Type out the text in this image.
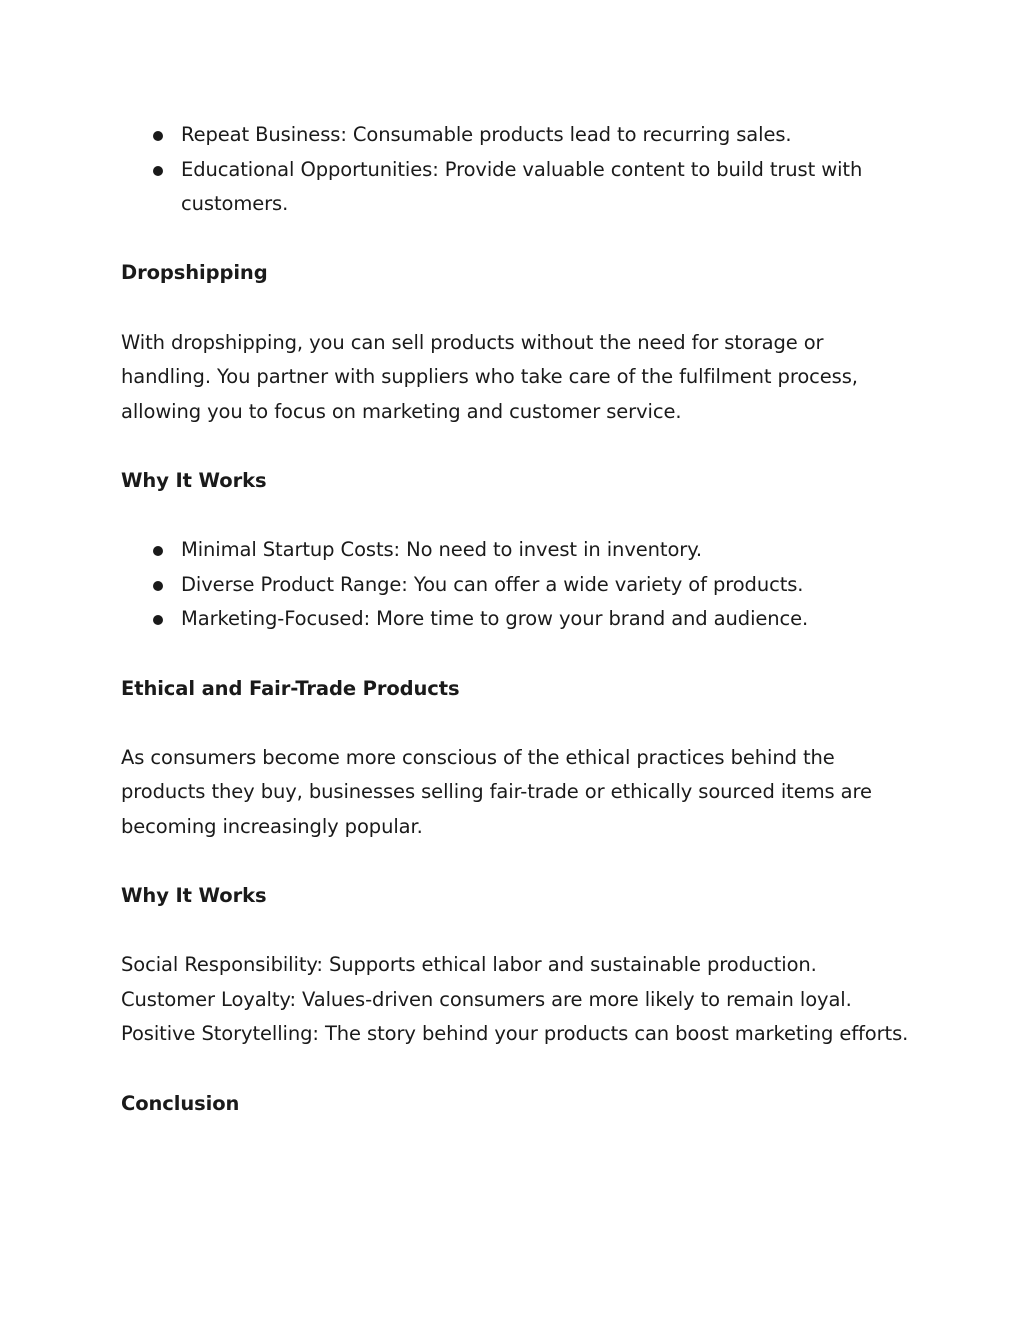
Repeat Business: Consumable products lead to recurring sales.
Educational Opportunities: Provide valuable content to build trust with customers.
Dropshipping

With dropshipping, you can sell products without the need for storage or handling. You partner with suppliers who take care of the fulfilment process, allowing you to focus on marketing and customer service.

Why It Works
Minimal Startup Costs: No need to invest in inventory.
Diverse Product Range: You can offer a wide variety of products.
Marketing-Focused: More time to grow your brand and audience.
Ethical and Fair-Trade Products

As consumers become more conscious of the ethical practices behind the products they buy, businesses selling fair-trade or ethically sourced items are becoming increasingly popular.

Why It Works

Social Responsibility: Supports ethical labor and sustainable production.

Customer Loyalty: Values-driven consumers are more likely to remain loyal.

Positive Storytelling: The story behind your products can boost marketing efforts.

Conclusion
